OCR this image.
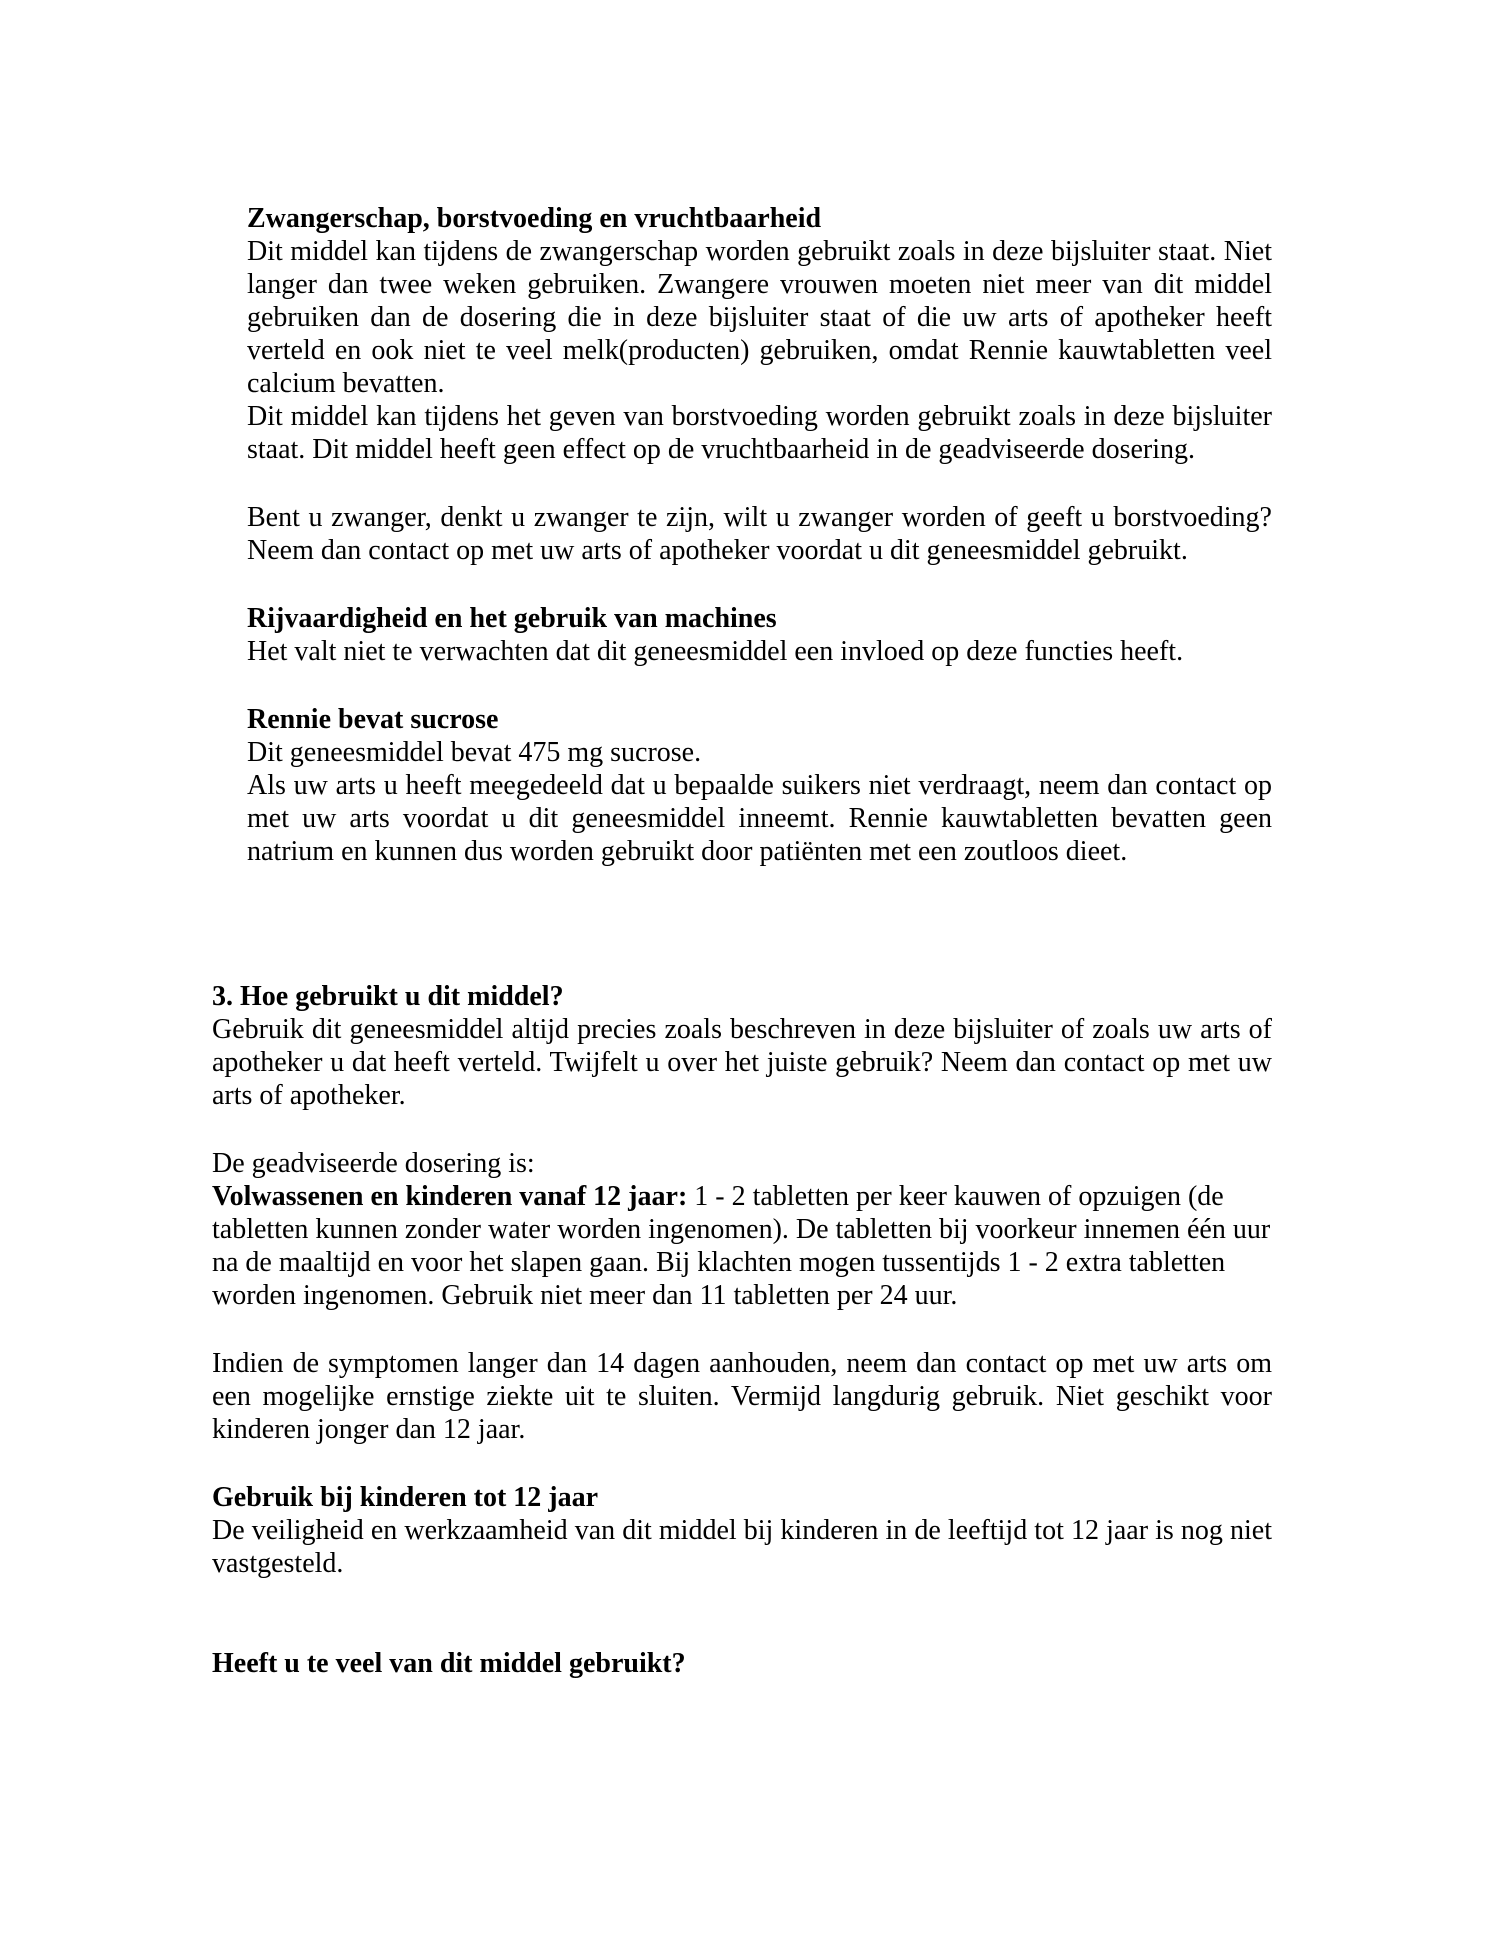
Zwangerschap, borstvoeding en vruchtbaarheid

Dit middel kan tijdens de zwangerschap worden gebruikt zoals in deze bijsluiter staat. Niet langer dan twee weken gebruiken. Zwangere vrouwen moeten niet meer van dit middel gebruiken dan de dosering die in deze bijsluiter staat of die uw arts of apotheker heeft verteld en ook niet te veel melk(producten) gebruiken, omdat Rennie kauwtabletten veel calcium bevatten.

Dit middel kan tijdens het geven van borstvoeding worden gebruikt zoals in deze bijsluiter staat. Dit middel heeft geen effect op de vruchtbaarheid in de geadviseerde dosering.

Bent u zwanger, denkt u zwanger te zijn, wilt u zwanger worden of geeft u borstvoeding? Neem dan contact op met uw arts of apotheker voordat u dit geneesmiddel gebruikt.

Rijvaardigheid en het gebruik van machines

Het valt niet te verwachten dat dit geneesmiddel een invloed op deze functies heeft.

Rennie bevat sucrose

Dit geneesmiddel bevat 475 mg sucrose.

Als uw arts u heeft meegedeeld dat u bepaalde suikers niet verdraagt, neem dan contact op met uw arts voordat u dit geneesmiddel inneemt. Rennie kauwtabletten bevatten geen natrium en kunnen dus worden gebruikt door patiënten met een zoutloos dieet.

3. Hoe gebruikt u dit middel?

Gebruik dit geneesmiddel altijd precies zoals beschreven in deze bijsluiter of zoals uw arts of apotheker u dat heeft verteld. Twijfelt u over het juiste gebruik? Neem dan contact op met uw arts of apotheker.

De geadviseerde dosering is:

Volwassenen en kinderen vanaf 12 jaar: 1 - 2 tabletten per keer kauwen of opzuigen (de tabletten kunnen zonder water worden ingenomen). De tabletten bij voorkeur innemen één uur na de maaltijd en voor het slapen gaan. Bij klachten mogen tussentijds 1 - 2 extra tabletten worden ingenomen. Gebruik niet meer dan 11 tabletten per 24 uur.

Indien de symptomen langer dan 14 dagen aanhouden, neem dan contact op met uw arts om een mogelijke ernstige ziekte uit te sluiten. Vermijd langdurig gebruik. Niet geschikt voor kinderen jonger dan 12 jaar.

Gebruik bij kinderen tot 12 jaar

De veiligheid en werkzaamheid van dit middel bij kinderen in de leeftijd tot 12 jaar is nog niet vastgesteld.

Heeft u te veel van dit middel gebruikt?
